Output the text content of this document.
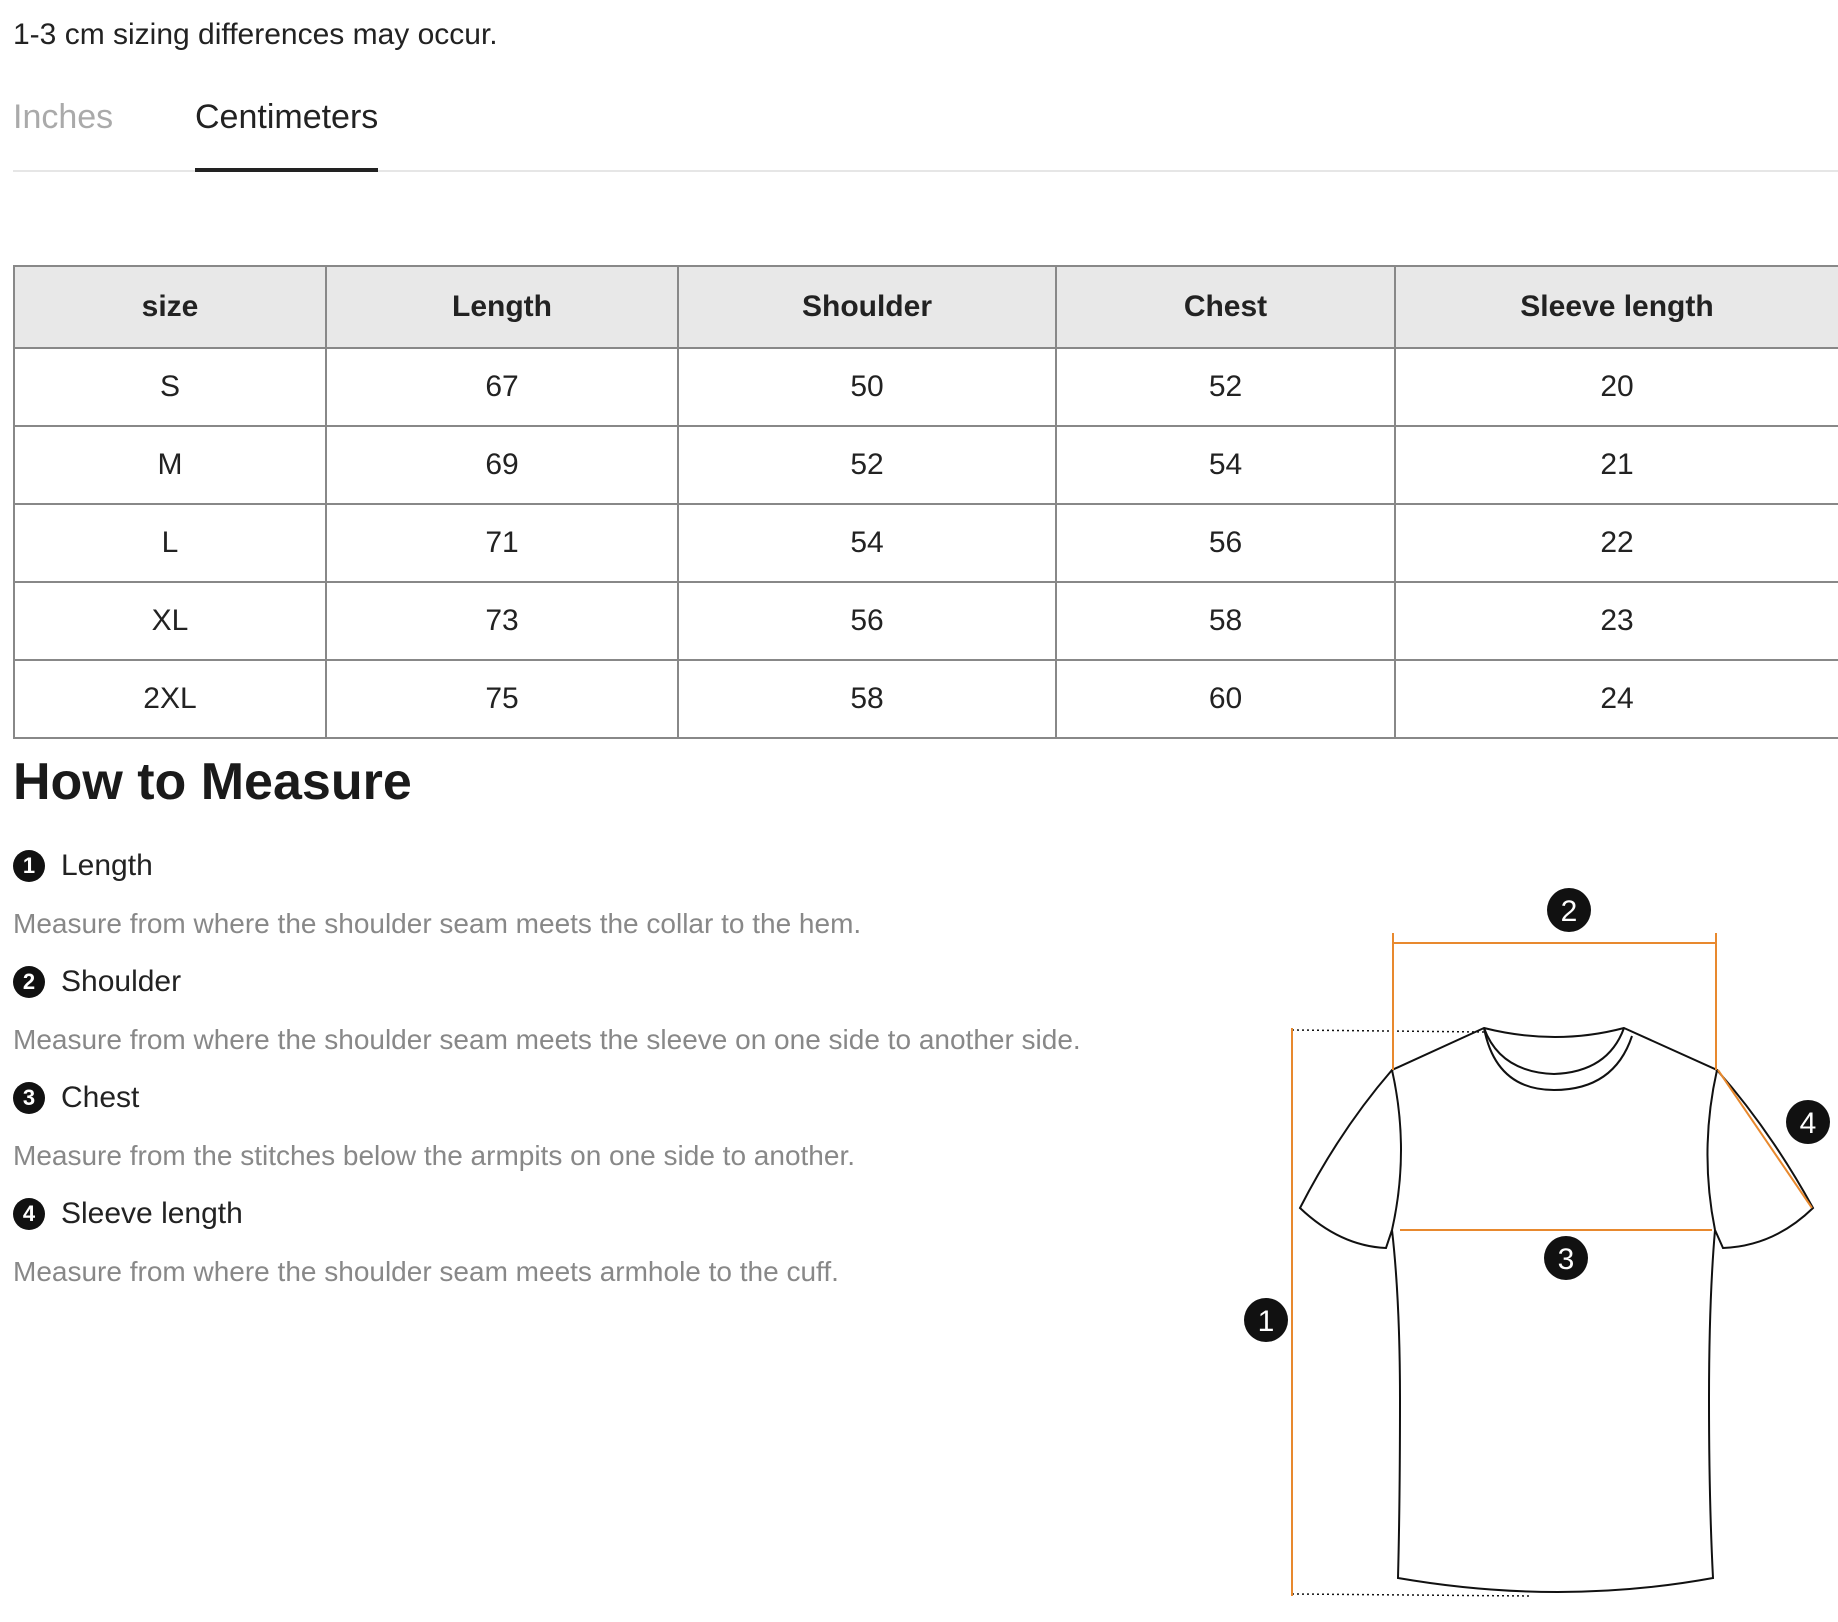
1-3 cm sizing differences may occur.
Inches Centimeters
size	Length	Shoulder	Chest	Sleeve length
S	67	50	52	20
M	69	52	54	21
L	71	54	56	22
XL	73	56	58	23
2XL	75	58	60	24
How to Measure
1 Length
Measure from where the shoulder seam meets the collar to the hem.
2 Shoulder
Measure from where the shoulder seam meets the sleeve on one side to another side.
3 Chest
Measure from the stitches below the armpits on one side to another.
4 Sleeve length
Measure from where the shoulder seam meets armhole to the cuff.
1
2
3
4
